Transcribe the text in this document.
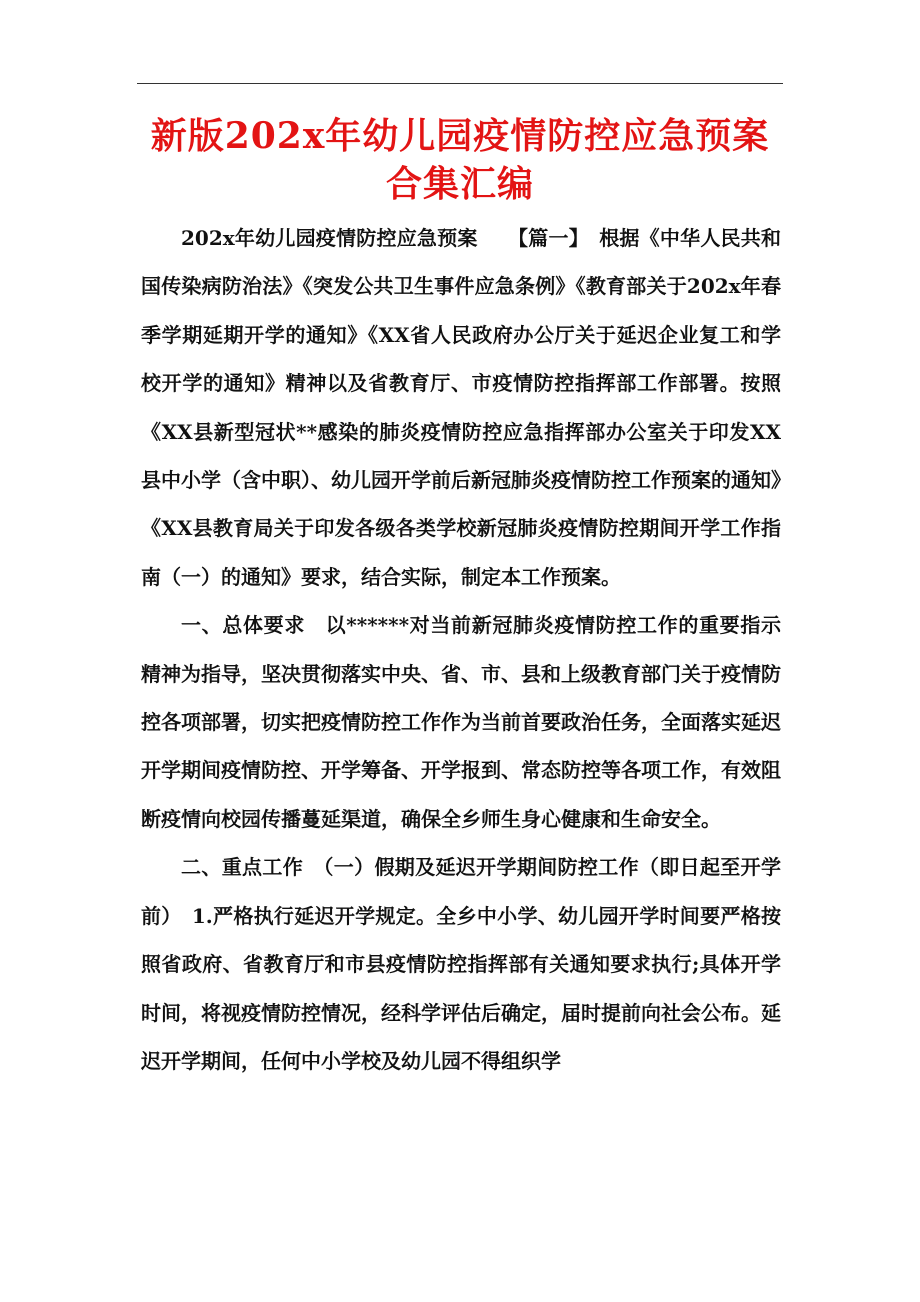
新版202x年幼儿园疫情防控应急预案合集汇编

202x年幼儿园疫情防控应急预案　　【篇一】　根据《中华人民共和国传染病防治法》《突发公共卫生事件应急条例》《教育部关于202x年春季学期延期开学的通知》《XX省人民政府办公厅关于延迟企业复工和学校开学的通知》精神以及省教育厅、市疫情防控指挥部工作部署。按照《XX县新型冠状**感染的肺炎疫情防控应急指挥部办公室关于印发XX县中小学（含中职）、幼儿园开学前后新冠肺炎疫情防控工作预案的通知》《XX县教育局关于印发各级各类学校新冠肺炎疫情防控期间开学工作指南（一）的通知》要求，结合实际，制定本工作预案。

一、总体要求　以******对当前新冠肺炎疫情防控工作的重要指示精神为指导，坚决贯彻落实中央、省、市、县和上级教育部门关于疫情防控各项部署，切实把疫情防控工作作为当前首要政治任务，全面落实延迟开学期间疫情防控、开学筹备、开学报到、常态防控等各项工作，有效阻断疫情向校园传播蔓延渠道，确保全乡师生身心健康和生命安全。

二、重点工作　（一）假期及延迟开学期间防控工作（即日起至开学前）　1.严格执行延迟开学规定。全乡中小学、幼儿园开学时间要严格按照省政府、省教育厅和市县疫情防控指挥部有关通知要求执行;具体开学时间，将视疫情防控情况，经科学评估后确定，届时提前向社会公布。延迟开学期间，任何中小学校及幼儿园不得组织学
